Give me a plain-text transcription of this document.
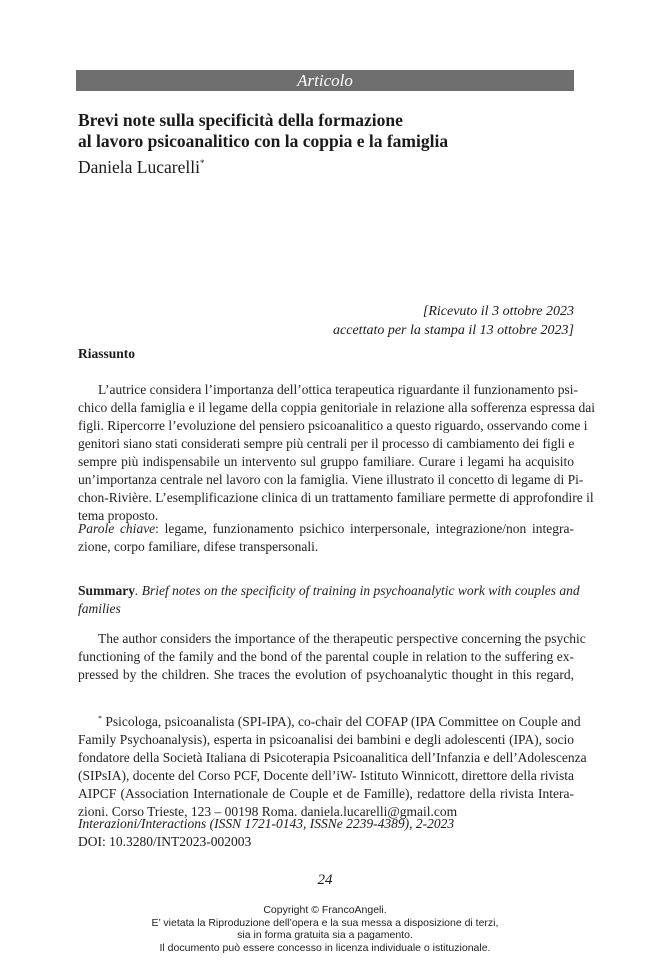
Articolo
Brevi note sulla specificità della formazione
al lavoro psicoanalitico con la coppia e la famiglia
Daniela Lucarelli*
[Ricevuto il 3 ottobre 2023
accettato per la stampa il 13 ottobre 2023]
Riassunto
L’autrice considera l’importanza dell’ottica terapeutica riguardante il funzionamento psi-
chico della famiglia e il legame della coppia genitoriale in relazione alla sofferenza espressa dai
figli. Ripercorre l’evoluzione del pensiero psicoanalitico a questo riguardo, osservando come i
genitori siano stati considerati sempre più centrali per il processo di cambiamento dei figli e
sempre più indispensabile un intervento sul gruppo familiare. Curare i legami ha acquisito
un’importanza centrale nel lavoro con la famiglia. Viene illustrato il concetto di legame di Pi-
chon-Rivière. L’esemplificazione clinica di un trattamento familiare permette di approfondire il
tema proposto.
Parole chiave: legame, funzionamento psichico interpersonale, integrazione/non integra-
zione, corpo familiare, difese transpersonali.
Summary. Brief notes on the specificity of training in psychoanalytic work with couples and
families
The author considers the importance of the therapeutic perspective concerning the psychic
functioning of the family and the bond of the parental couple in relation to the suffering ex-
pressed by the children. She traces the evolution of psychoanalytic thought in this regard,
* Psicologa, psicoanalista (SPI-IPA), co-chair del COFAP (IPA Committee on Couple and
Family Psychoanalysis), esperta in psicoanalisi dei bambini e degli adolescenti (IPA), socio
fondatore della Società Italiana di Psicoterapia Psicoanalitica dell’Infanzia e dell’Adolescenza
(SIPsIA), docente del Corso PCF, Docente dell’iW- Istituto Winnicott, direttore della rivista
AIPCF (Association Internationale de Couple et de Famille), redattore della rivista Intera-
zioni. Corso Trieste, 123 – 00198 Roma. daniela.lucarelli@gmail.com
Interazioni/Interactions (ISSN 1721-0143, ISSNe 2239-4389), 2-2023
DOI: 10.3280/INT2023-002003
24
Copyright © FrancoAngeli.
E’ vietata la Riproduzione dell’opera e la sua messa a disposizione di terzi,
sia in forma gratuita sia a pagamento.
Il documento può essere concesso in licenza individuale o istituzionale.
